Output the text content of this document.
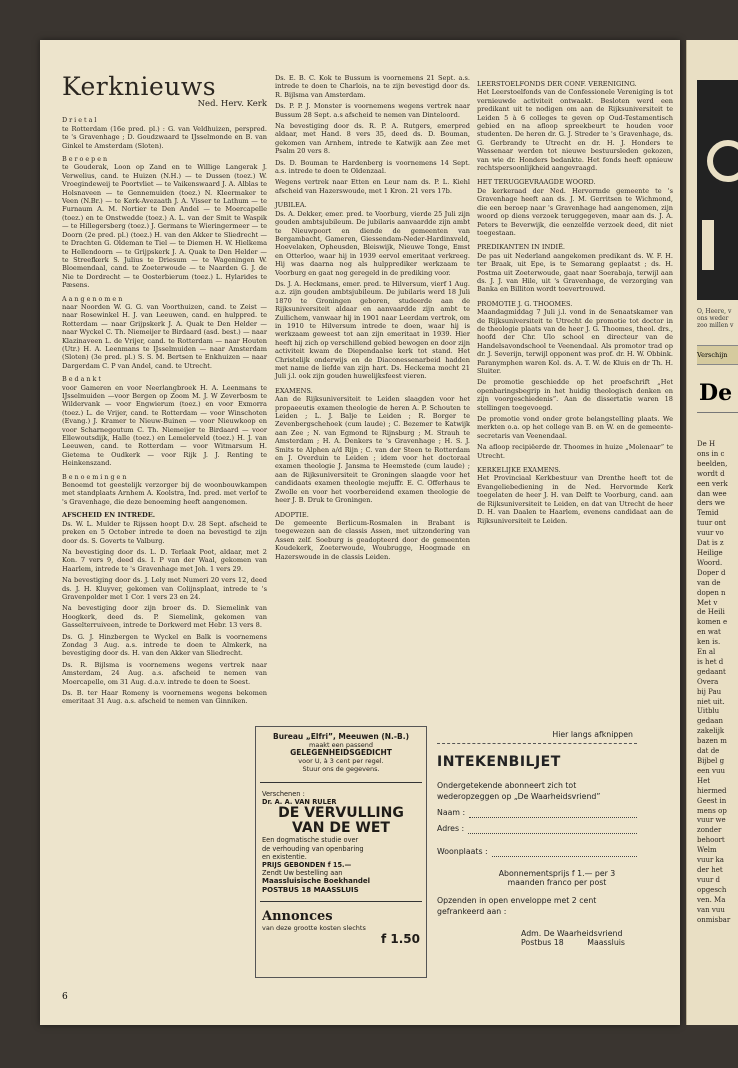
Kerknieuws
Ned. Herv. Kerk
Drietal

te Rotterdam (16e pred. pl.) : G. van Veldhuizen, perspred. te 's Gravenhage ; D. Goudzwaard te IJsselmonde en B. van Ginkel te Amsterdam (Sloten).

Beroepen

te Gouderak, Loon op Zand en te Willige Langerak J. Verwelius, cand. te Huizen (N.H.) — te Dussen (toez.) W. Vroegindeweij te Poortvliet — te Vaikenswaard J. A. Alblas te Holsnaveen — te Gennemuiden (toez.) N. Kleermaker te Veen (N.Br.) — te Kerk-Avezaath J. A. Visser te Lathum — te Furnaum A. M. Nortier te Den Andel — te Moercapelle (toez.) en te Onstwedde (toez.) A. L. van der Smit te Waspik — te Hillegersberg (toez.) J. Germans te Wieringermeer — te Doorn (2e pred. pl.) (toez.) H. van den Akker te Sliedrecht — te Drachten G. Oldeman te Tiel — te Diemen H. W. Hielkema te Hellendoorn — te Grijpskerk J. A. Quak te Den Helder — te Streefkerk S. Julius te Driesum — te Wageningen W. Bloemendaal, cand. te Zoeterwoude — te Naarden G. J. de Nie te Dordrecht — te Oosterbierum (toez.) L. Hylarides te Pæsens.

Aangenomen

naar Noorden W. G. G. van Voorthuizen, cand. te Zeist — naar Rosewinkel H. J. van Leeuwen, cand. en hulppred. te Rotterdam — naar Grijpskerk J. A. Quak te Den Helder — naar Wyckel C. Th. Niemeijer te Birdaard (asd. best.) — naar Klazinaveen L. de Vrijer, cand. te Rotterdam — naar Houten (Utr.) H. A. Leenmans te IJsselmuiden — naar Amsterdam (Sloten) (3e pred. pl.) S. S. M. Bertsen te Enkhuizen — naar Dargerdam C. P van Andel, cand. te Utrecht.

Bedankt

voor Gameren en voor Neerlangbroek H. A. Leenmans te IJsselmuiden —voor Bergen op Zoom M. J. W Zeverbosm te Wildervank — voor Engwierum (toez.) en voor Exmorra (toez.) L. de Vrijer, cand. te Rotterdam — voor Winschoten (Evang.) J. Kramer te Nieuw-Buinen — voor Nieuwkoop en voor Scharnegoutum C. Th. Niemeijer te Birdaard — voor Ellewoutsdijk, Halle (toez.) en Lemelerveld (toez.) H. J. van Leeuwen, cand. te Rotterdam — voor Witmarsum H. Gietema te Oudkerk — voor Rijk J. J. Renting te Heinkenszand.

Benoemingen

Benoemd tot geestelijk verzorger bij de woonbouwkampen met standplaats Arnhem A. Koolstra, Ind. pred. met verlof te 's Gravenhage, die deze benoeming heeft aangenomen.

AFSCHEID EN INTREDE.

Ds. W. L. Mulder te Rijssen hoopt D.v. 28 Sept. afscheid te preken en 5 October intrede te doen na bevestigd te zijn door ds. S. Goverts te Valburg.

Na bevestiging door ds. L. D. Terlaak Poot, aldaar, met 2 Kon. 7 vers 9, deed ds. I. P van der Waal, gekomen van Haarlem, intrede te 's Gravenhage met Joh. 1 vers 29.

Na bevestiging door ds. J. Lely met Numeri 20 vers 12, deed ds. J. H. Kluyver, gekomen van Colijnsplaat, intrede te 's Gravenpolder met 1 Cor. 1 vers 23 en 24.

Na bevestiging door zijn broer ds. D. Siemelink van Hoogkerk, deed ds. P. Siemelink, gekomen van Gasselterruiveen, intrede te Dorkwerd met Hebr. 13 vers 8.

Ds. G. J. Hinzbergen te Wyckel en Balk is voornemens Zondag 3 Aug. a.s. intrede te doen te Almkerk, na bevestiging door ds. H. van den Akker van Sliedrecht.

Ds. R. Bijlsma is voornemens wegens vertrek naar Amsterdam, 24 Aug. a.s. afscheid te nemen van Moercapelle, om 31 Aug. d.a.v. intrede te doen te Soest.

Ds. B. ter Haar Romeny is voornemens wegens bekomen emeritaat 31 Aug. a.s. afscheid te nemen van Ginniken.

Ds. E. B. C. Kok te Bussum is voornemens 21 Sept. a.s. intrede te doen te Charlois, na te zijn bevestigd door ds. R. Bijlsma van Amsterdam.

Ds. P. P. J. Monster is voornemens wegens vertrek naar Bussum 28 Sept. a.s afscheid te nemen van Dinteloord.

Na bevestiging door ds. R. P. A. Rutgers, emerpred aldaar, met Hand. 8 vers 35, deed ds. D. Bouman, gekomen van Arnhem, intrede te Katwijk aan Zee met Psalm 20 vers 8.

Ds. D. Bouman te Hardenberg is voornemens 14 Sept. a.s. intrede te doen te Oldenzaal.

Wegens vertrek naar Etten en Leur nam ds. P. L. Kiehl afscheid van Hazerswoude, met 1 Kron. 21 vers 17b.

JUBILEA.

Ds. A. Dekker, emer. pred. te Voorburg, vierde 25 Juli zijn gouden ambtsjubileum. De jubilaris aanvaardde zijn ambt te Nieuwpoort en diende de gemeenten van Bergambacht, Gameren, Giessendam-Neder-Hardinxveld, Hoevelaken, Opheusden, Bleiswijk, Nieuwe Tonge, Emst en Otterloo, waar hij in 1939 eervol emeritaat verkreeg. Hij was daarna nog als hulpprediker werkzaam te Voorburg en gaat nog geregeld in de prediking voor.

Ds. J. A. Heckmans, emer. pred. te Hilversum, vierf 1 Aug. a.z. zijn gouden ambtsjubileum. De jubilaris werd 18 Juli 1870 te Groningen geboren, studeerde aan de Rijksuniversiteit aldaar en aanvaardde zijn ambt te Zuilichem, vanwaar hij in 1901 naar Leerdam vertrok, om in 1910 te Hilversum intrede te doen, waar hij is werkzaam geweest tot aan zijn emeritaat in 1939. Hier heeft hij zich op verschillend gebied bewogen en door zijn activiteit kwam de Diependaalse kerk tot stand. Het Christelijk onderwijs en de Diaconessenarbeid hadden met name de liefde van zijn hart. Ds. Heckema mocht 21 Juli j.l. ook zijn gouden huwelijksfeest vieren.

EXAMENS.

Aan de Rijksuniversiteit te Leiden slaagden voor het propaeeutis examen theologie de heren A. P. Schouten te Leiden ; L. J. Balje te Leiden ; R. Borger te Zevenbergschehoek (cum laude) ; C. Bezemer te Katwijk aan Zee ; N. van Egmond te Rijnsburg ; M. Strauh te Amsterdam ; H. A. Denkers te 's Gravenhage ; H. S. J. Smits te Alphen a/d Rijn ; C. van der Steen te Rotterdam en J. Overduin te Leiden ; idem voor het doctoraal examen theologie J. Jansma te Heemstede (cum laude) ; aan de Rijksuniversiteit te Groningen slaagde voor het candidaats examen theologie mejuffr. E. C. Offerhaus te Zwolle en voor het voorbereidend examen theologie de heer J. B. Druk te Groningen.

ADOPTIE.

De gemeente Berlicum-Rosmalen in Brabant is toegewezen aan de classis Assen, met uitzondering van Assen zelf. Soeburg is geadopteerd door de gemeenten Koudekerk, Zoeterwoude, Woubrugge, Hoogmade en Hazerswoude in de classis Leiden.

LEERSTOELFONDS DER CONF. VERENIGING.

Het Leerstoelfonds van de Confessionele Vereniging is tot vernieuwde activiteit ontwaakt. Besloten werd een predikant uit te nodigen om aan de Rijksuniversiteit te Leiden 5 à 6 colleges te geven op Oud-Testamentisch gebied en na afloop spreekbeurt te houden voor studenten. De heren dr. G. J. Streder te 's Gravenhage, ds. G. Gerbrandy te Utrecht en dr. H. J. Honders te Wassenaar werden tot nieuwe bestuursleden gekozen, van wie dr. Honders bedankte. Het fonds heeft opnieuw rechtspersoonlijkheid aangevraagd.

HET TERUGGEVRAAGDE WOORD.

De kerkeraad der Ned. Hervormde gemeente te 's Gravenhage heeft aan ds. J. M. Gerritsen te Wichmond, die een beroep naar 's Gravenhage had aangenomen, zijn woord op diens verzoek teruggegeven, maar aan ds. J. A. Peters te Beverwijk, die eenzelfde verzoek deed, dit niet toegestaan.

PREDIKANTEN IN INDIË.

De pas uit Nederland aangekomen predikant ds. W. F. H. ter Braak, uit Epe, is te Semarang geplaatst ; ds. H. Postma uit Zoeterwoude, gaat naar Soerabaja, terwijl aan ds. J. J. van Hile, uit 's Gravenhage, de verzorging van Banka en Billiton wordt toevertrouwd.

PROMOTIE J. G. THOOMES.

Maandagmiddag 7 Juli j.l. vond in de Senaatskamer van de Rijksuniversiteit te Utrecht de promotie tot doctor in de theologie plaats van de heer J. G. Thoomes, theol. drs., hoofd der Chr. Ulo school en directeur van de Handelsavondschool te Veenendaal. Als promotor trad op dr. J. Severijn, terwijl opponent was prof. dr. H. W. Obbink. Paranymphen waren Kol. ds. A. T. W. de Kluis en dr Th. H. Sluiter.

De promotie geschiedde op het proefschrift „Het openbaringsbegrip in het huidig theologisch denken en zijn voorgeschiedenis”. Aan de dissertatie waren 18 stellingen toegevoegd.

De promotie vond onder grote belangstelling plaats. We merkten o.a. op het college van B. en W. en de gemeente-secretaris van Veenendaal.

Na afloop recipiëerde dr. Thoomes in huize „Molenaar” te Utrecht.

KERKELIJKE EXAMENS.

Het Provinciaal Kerkbestuur van Drenthe heeft tot de Evangeliebediening in de Ned. Hervormde Kerk toegelaten de heer J. H. van Delft te Voorburg, cand. aan de Rijksuniversiteit te Leiden, en dat van Utrecht de heer D. H. van Daalen te Haarlem, evenens candidaat aan de Rijksuniversiteit te Leiden.

Bureau „Elfri”, Meeuwen (N.-B.)
maakt een passend
GELEGENHEIDSGEDICHT
voor U, à 3 cent per regel.
Stuur ons de gegevens.
Verschenen :
Dr. A. A. VAN RULER
DE VERVULLING
VAN DE WET
Een dogmatische studie over
de verhouding van openbaring
en existentie.
PRIJS GEBONDEN f 15.—
Zendt Uw bestelling aan
Maassluisische Boekhandel
POSTBUS 18 MAASSLUIS
Annonces
van deze grootte kosten slechts
f 1.50
Hier langs afknippen
INTEKENBILJET
Ondergetekende abonneert zich tot wederopzeggen op „De Waarheidsvriend”
Naam :
Adres :
Woonplaats :
Abonnementsprijs f 1.— per 3
maanden franco per post
Opzenden in open enveloppe met 2 cent gefrankeerd aan :
Adm. De Waarheidsvriend
Postbus 18	Maassluis
6
O, Heere, v
ons weder
zoo millen v
Verschijn
De
De H
ons in c
beelden,
wordt d
een verk
dan wee
ders we
Temid
tuur ont
vuur vo
Dat is z
Heilige
Woord.
Doper d
van de
dopen n
Met v
de Heili
komen e
en wat
ken is.
En al
is het d
gedaant
Overa
bij Pau
niet uit.
Uitblu
gedaan
zakelijk
bazen m
dat de
Bijbel g
een vuu
Het
hiermed
Geest in
mens op
vuur we
zonder
behoort
Welm
vuur ka
der het
vuur d
opgesch
ven. Ma
van vuu
onmisbar
